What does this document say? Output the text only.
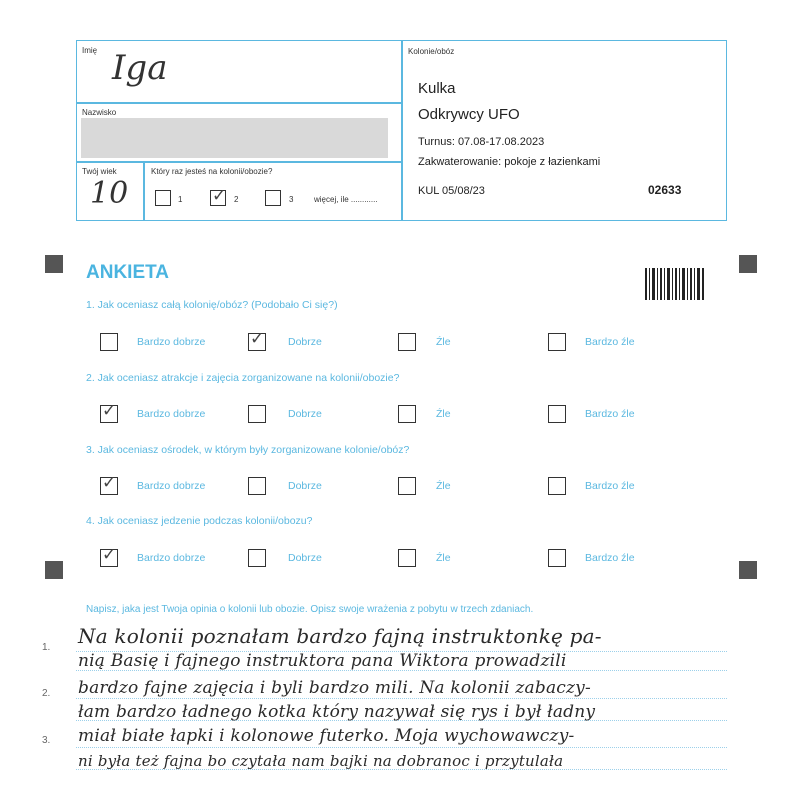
Imię Iga
Nazwisko
Twój wiek
10
Który raz jesteś na kolonii/obozie?
1 ✓ 2	3	więcej, ile ............
Kolonie/obóz
Kulka
Odkrywcy UFO
Turnus: 07.08-17.08.2023
Zakwaterowanie: pokoje z łazienkami
KUL 05/08/23	02633
ANKIETA
1. Jak oceniasz całą kolonię/obóz? (Podobało Ci się?)
Bardzo dobrze	✓ Dobrze	Źle	Bardzo źle
2. Jak oceniasz atrakcje i zajęcia zorganizowane na kolonii/obozie?
✓ Bardzo dobrze	Dobrze	Źle	Bardzo źle
3. Jak oceniasz ośrodek, w którym były zorganizowane kolonie/obóz?
✓ Bardzo dobrze	Dobrze	Źle	Bardzo źle
4. Jak oceniasz jedzenie podczas kolonii/obozu?
✓ Bardzo dobrze	Dobrze	Źle	Bardzo źle
Napisz, jaka jest Twoja opinia o kolonii lub obozie. Opisz swoje wrażenia z pobytu w trzech zdaniach.
1.
2.
3.
Na kolonii poznałam bardzo fajną instruktonkę pa-
nią Basię i fajnego instruktora pana Wiktora prowadzili
bardzo fajne zajęcia i byli bardzo mili. Na kolonii zabaczy-
łam bardzo ładnego kotka który nazywał się rys i był ładny
miał białe łapki i kolonowe futerko. Moja wychowawczy-
ni była też fajna bo czytała nam bajki na dobranoc i przytulała
